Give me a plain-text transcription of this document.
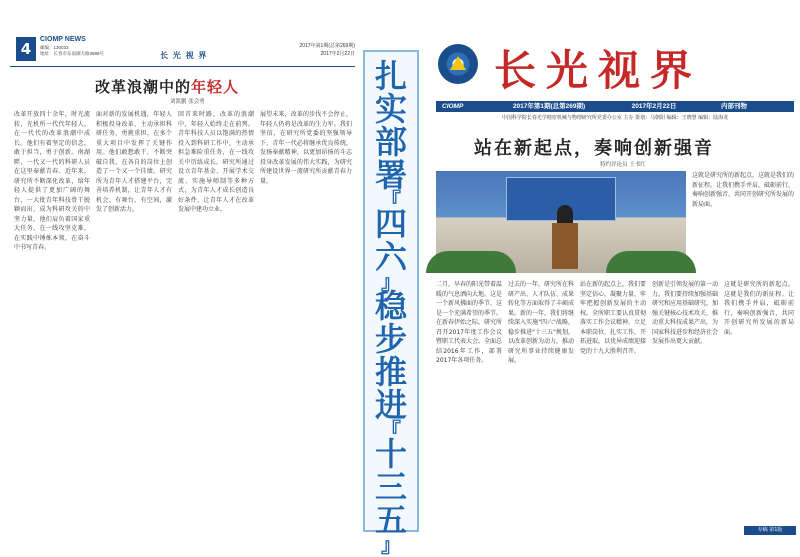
4
CIOMP NEWS
邮编：130033
地址：长春市东南湖大路3888号	长 光 视 界
2017年第1期(总第269期)
2017年2月22日
改革浪潮中的年轻人
刘凯鹏 张会勇
改革开放四十余年，时光流转，光机所一代代年轻人，在一代代的改革浪潮中成长。他们有着坚定的信念，敢于担当，勇于创新。南湖畔，一代又一代的科研人员在这里奉献青春。近年来，研究所不断深化改革，给年轻人提供了更加广阔的舞台，一大批青年科技骨干脱颖而出，成为科研攻关的中坚力量。他们肩负着国家重大任务，在一线攻坚克难，在实践中锤炼本领，在奋斗中书写青春。
面对新的发展机遇，年轻人积极投身改革，主动承担科研任务，勇挑重担，在多个重大项目中发挥了关键作用。他们敢想敢干，不断突破自我，在各自的岗位上创造了一个又一个佳绩。研究所为青年人才搭建平台，完善培养机制，让青年人才有机会、有舞台、有空间，激发了创新活力。
回首来时路，改革的浪潮中，年轻人始终走在前列。青年科技人员以饱满的热情投入到科研工作中，主动承担急难险重任务，在一线攻关中历练成长。研究所通过设立青年基金、开展学术交流、实施导师制等多种方式，为青年人才成长创造良好条件，让青年人才在改革发展中建功立业。
展望未来，改革的步伐不会停止，年轻人仍将是改革的生力军。我们坚信，在研究所党委的坚强领导下，青年一代必将继承优良传统，发扬奉献精神，以更加昂扬的斗志投身改革发展的伟大实践，为研究所建设世界一流研究所贡献青春力量。
扎
实
部
署
『
四
六
』
稳
步
推
进
『
十
三
五
』
长光视界
CIOMP NEWS
2017年第1期(总第269期)	2017年2月22日	内部刊物
中国科学院长春光学精密机械与物理研究所党委办公室 主办 策划：马朝阳 编辑：王晓慧 编辑：陆海龙
站在新起点，奏响创新强音
特约评论员 王书红
这就是研究所的新起点，这就是我们的新征程。让我们携手并肩，砥砺前行，奏响创新强音，共同开创研究所发展的新局面。
二月，早春的阳光带着温暖的气息洒向大地。这是一个新风拂面的季节，这是一个充满希望的季节。在新春伊始之际，研究所召开2017年度工作会议暨职工代表大会，全面总结2016年工作，部署2017年各项任务。
过去的一年，研究所在科研产出、人才队伍、成果转化等方面取得了丰硕成果。新的一年，我们将继续深入实施"四六"战略，稳步推进"十三五"规划，以改革创新为动力，推动研究所事业持续健康发展。
站在新的起点上，我们要坚定信心，凝聚力量，牢牢把握创新发展的主动权。全所职工要认真贯彻落实工作会议精神，立足本职岗位，扎实工作，开拓进取，以优异成绩迎接党的十九大胜利召开。
创新是引领发展的第一动力。我们要持续加强基础研究和应用基础研究，加强关键核心技术攻关，推动重大科技成果产出，为国家科技进步和经济社会发展作出更大贡献。
这就是研究所的新起点，这就是我们的新征程。让我们携手并肩，砥砺前行，奏响创新强音，共同开创研究所发展的新局面。
专稿 第1版
